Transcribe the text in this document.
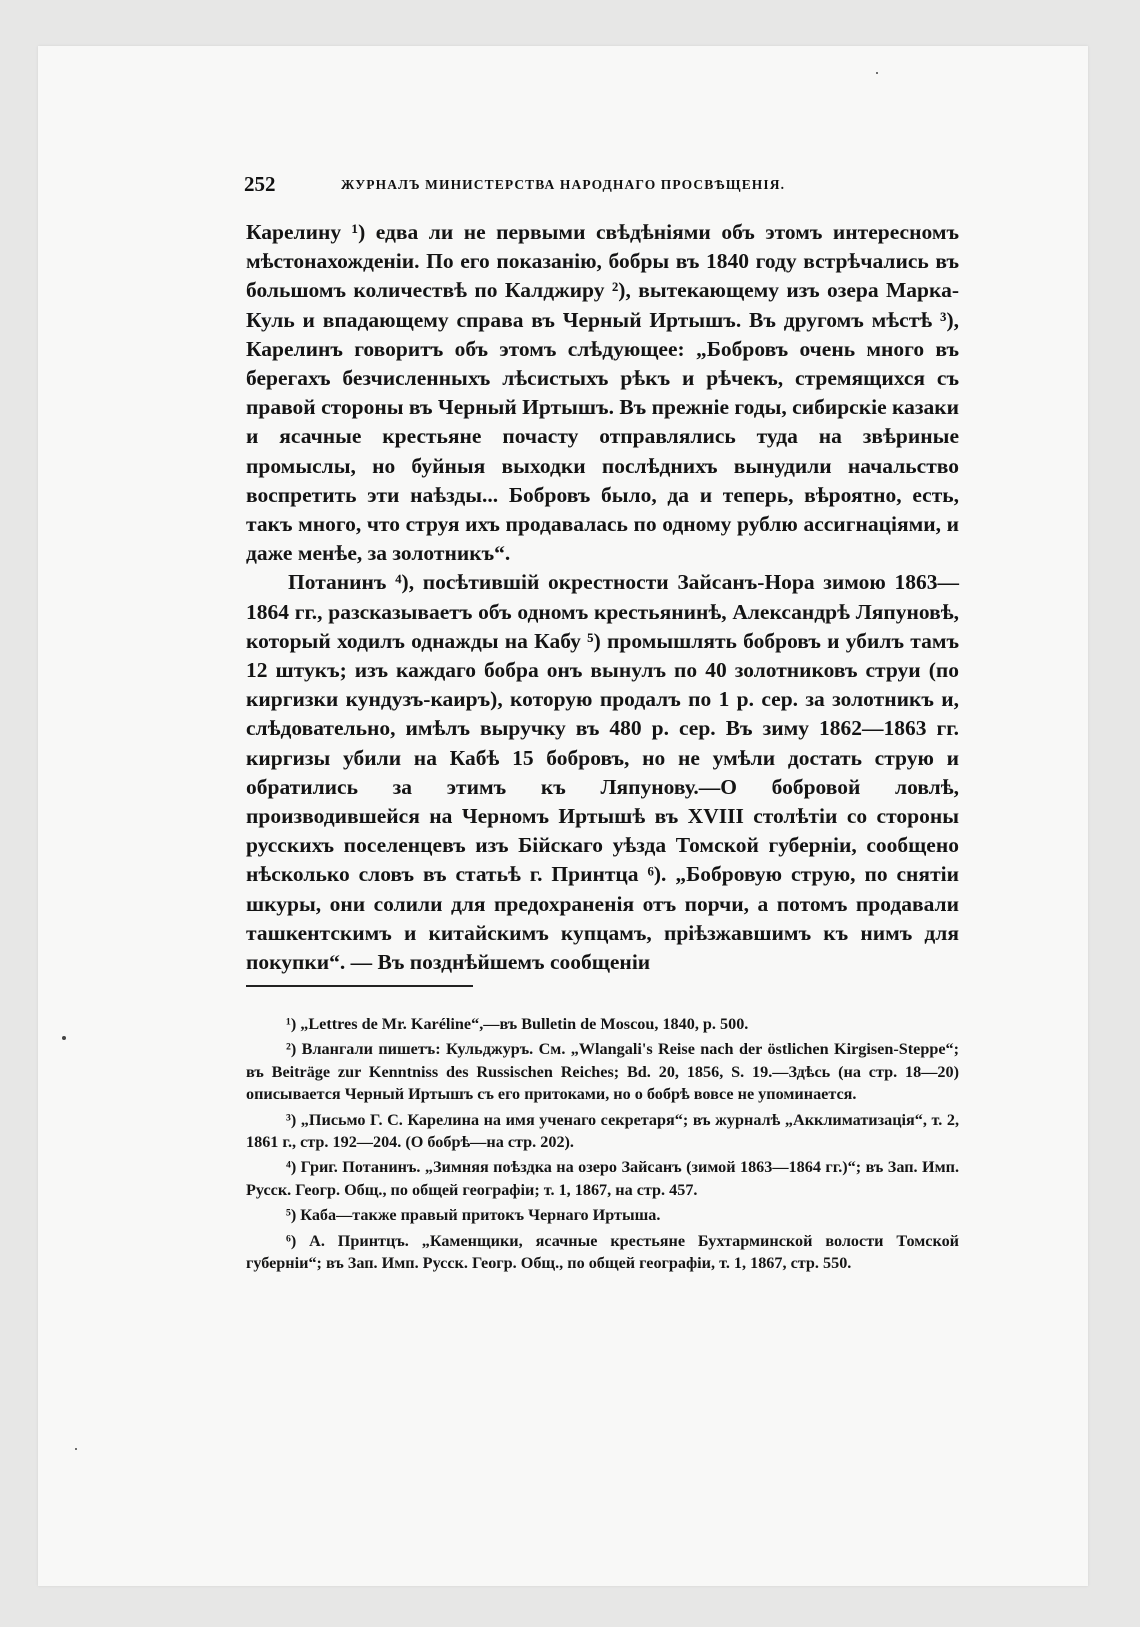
252	ЖУРНАЛЪ МИНИСТЕРСТВА НАРОДНАГО ПРОСВѢЩЕНІЯ.

Карелину ¹) едва ли не первыми свѣдѣніями объ этомъ интересномъ мѣстонахожденіи. По его показанію, бобры въ 1840 году встрѣчались въ большомъ количествѣ по Калджиру ²), вытекающему изъ озера Марка-Куль и впадающему справа въ Черный Иртышъ. Въ другомъ мѣстѣ ³), Карелинъ говоритъ объ этомъ слѣдующее: „Бобровъ очень много въ берегахъ безчисленныхъ лѣсистыхъ рѣкъ и рѣчекъ, стремящихся съ правой стороны въ Черный Иртышъ. Въ прежніе годы, сибирскіе казаки и ясачные крестьяне почасту отправлялись туда на звѣриные промыслы, но буйныя выходки послѣднихъ вынудили начальство воспретить эти наѣзды... Бобровъ было, да и теперь, вѣроятно, есть, такъ много, что струя ихъ продавалась по одному рублю ассигнаціями, и даже менѣе, за золотникъ“.

Потанинъ ⁴), посѣтившій окрестности Зайсанъ-Нора зимою 1863—1864 гг., разсказываетъ объ одномъ крестьянинѣ, Александрѣ Ляпуновѣ, который ходилъ однажды на Кабу ⁵) промышлять бобровъ и убилъ тамъ 12 штукъ; изъ каждаго бобра онъ вынулъ по 40 золотниковъ струи (по киргизки кундузъ-каиръ), которую продалъ по 1 р. сер. за золотникъ и, слѣдовательно, имѣлъ выручку въ 480 р. сер. Въ зиму 1862—1863 гг. киргизы убили на Кабѣ 15 бобровъ, но не умѣли достать струю и обратились за этимъ къ Ляпунову.—О бобровой ловлѣ, производившейся на Черномъ Иртышѣ въ XVIII столѣтіи со стороны русскихъ поселенцевъ изъ Бійскаго уѣзда Томской губерніи, сообщено нѣсколько словъ въ статьѣ г. Принтца ⁶). „Бобровую струю, по снятіи шкуры, они солили для предохраненія отъ порчи, а потомъ продавали ташкентскимъ и китайскимъ купцамъ, пріѣзжавшимъ къ нимъ для покупки“. — Въ позднѣйшемъ сообщеніи

¹) „Lettres de Mr. Karéline“,—въ Bulletin de Moscou, 1840, p. 500.

²) Влангали пишетъ: Кульджуръ. См. „Wlangali's Reise nach der östlichen Kirgisen-Steppe“; въ Beiträge zur Kenntniss des Russischen Reiches; Bd. 20, 1856, S. 19.—Здѣсь (на стр. 18—20) описывается Черный Иртышъ съ его притоками, но о бобрѣ вовсе не упоминается.

³) „Письмо Г. С. Карелина на имя ученаго секретаря“; въ журналѣ „Акклиматизація“, т. 2, 1861 г., стр. 192—204. (О бобрѣ—на стр. 202).

⁴) Григ. Потанинъ. „Зимняя поѣздка на озеро Зайсанъ (зимой 1863—1864 гг.)“; въ Зап. Имп. Русск. Геогр. Общ., по общей географіи; т. 1, 1867, на стр. 457.

⁵) Каба—также правый притокъ Чернаго Иртыша.

⁶) А. Принтцъ. „Каменщики, ясачные крестьяне Бухтарминской волости Томской губерніи“; въ Зап. Имп. Русск. Геогр. Общ., по общей географіи, т. 1, 1867, стр. 550.
